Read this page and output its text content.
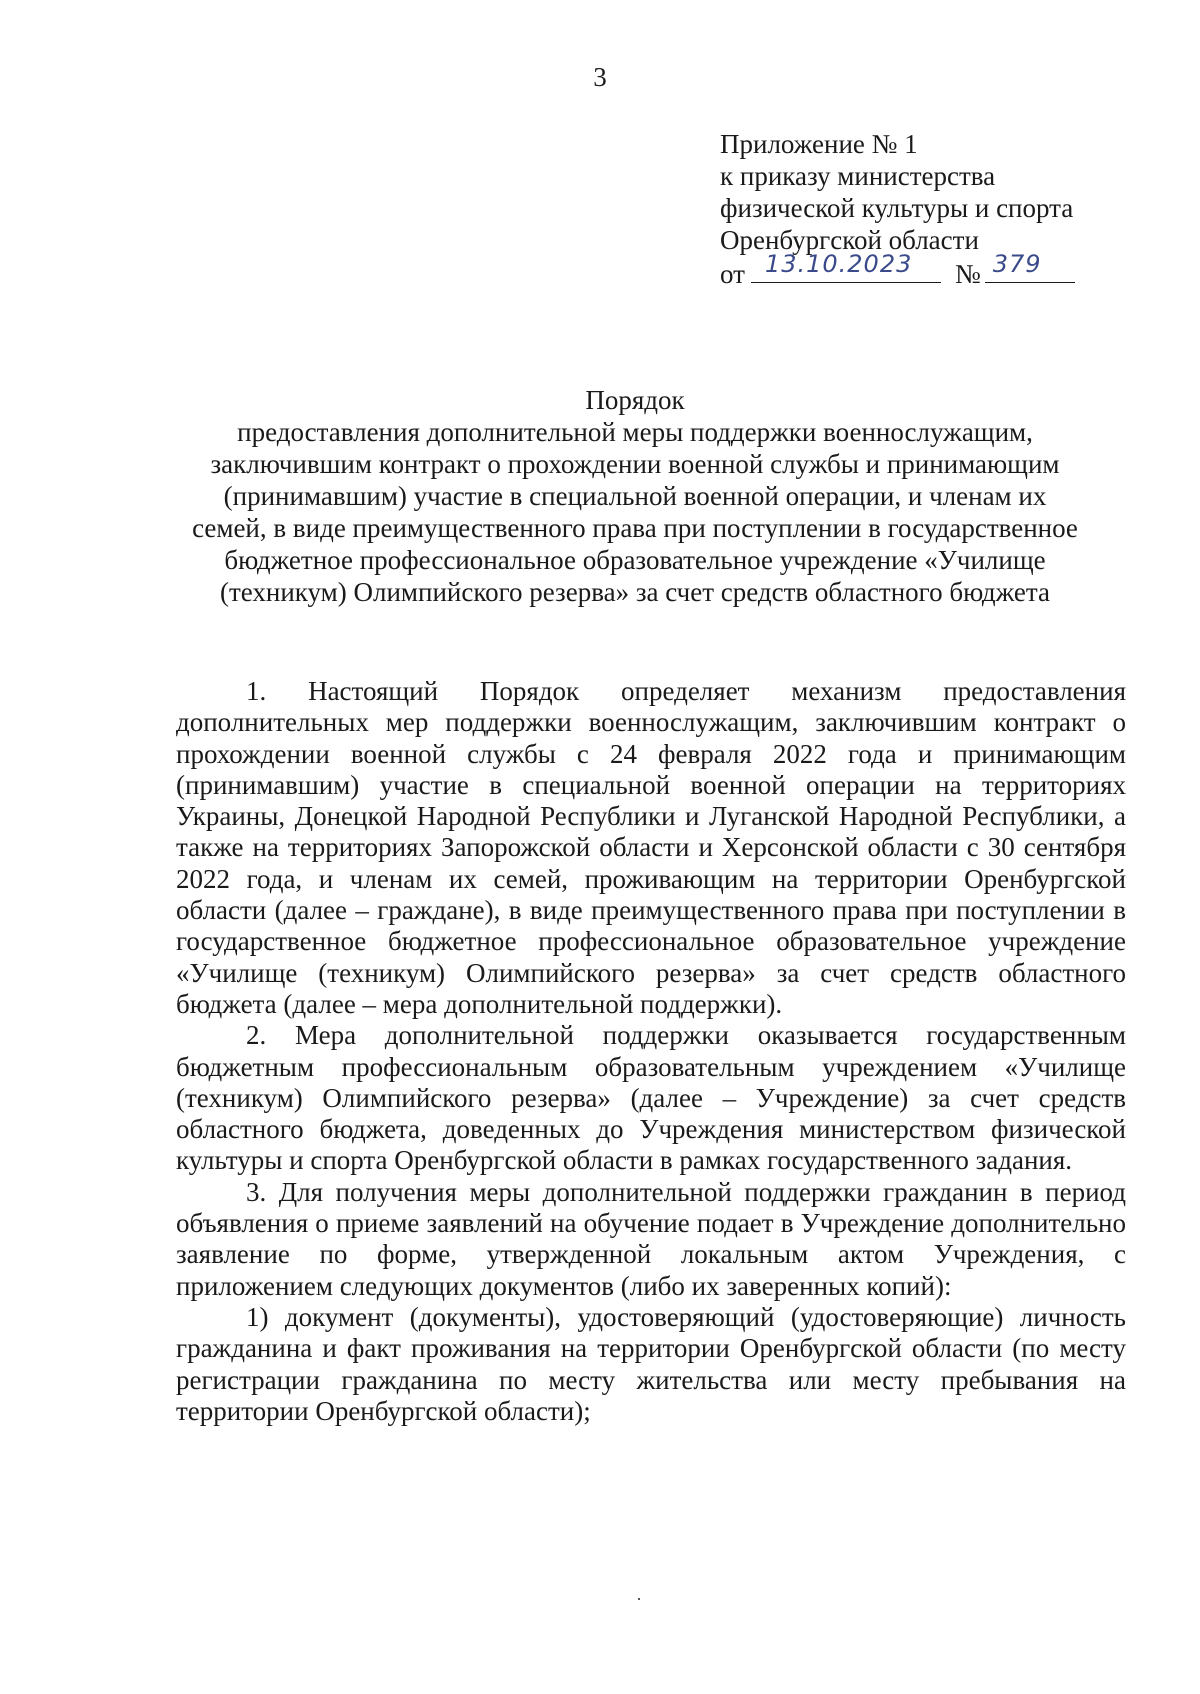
3
Приложение № 1
к приказу министерства
физической культуры и спорта
Оренбургской области
от 13.10.2023 № 379
Порядок
предоставления дополнительной меры поддержки военнослужащим,
заключившим контракт о прохождении военной службы и принимающим
(принимавшим) участие в специальной военной операции, и членам их
семей, в виде преимущественного права при поступлении в государственное
бюджетное профессиональное образовательное учреждение «Училище
(техникум) Олимпийского резерва» за счет средств областного бюджета

1. Настоящий Порядок определяет механизм предоставления дополнительных мер поддержки военнослужащим, заключившим контракт о прохождении военной службы с 24 февраля 2022 года и принимающим (принимавшим) участие в специальной военной операции на территориях Украины, Донецкой Народной Республики и Луганской Народной Республики, а также на территориях Запорожской области и Херсонской области с 30 сентября 2022 года, и членам их семей, проживающим на территории Оренбургской области (далее – граждане), в виде преимущественного права при поступлении в государственное бюджетное профессиональное образовательное учреждение «Училище (техникум) Олимпийского резерва» за счет средств областного бюджета (далее – мера дополнительной поддержки).

2. Мера дополнительной поддержки оказывается государственным бюджетным профессиональным образовательным учреждением «Училище (техникум) Олимпийского резерва» (далее – Учреждение) за счет средств областного бюджета, доведенных до Учреждения министерством физической культуры и спорта Оренбургской области в рамках государственного задания.

3. Для получения меры дополнительной поддержки гражданин в период объявления о приеме заявлений на обучение подает в Учреждение дополнительно заявление по форме, утвержденной локальным актом Учреждения, с приложением следующих документов (либо их заверенных копий):

1) документ (документы), удостоверяющий (удостоверяющие) личность гражданина и факт проживания на территории Оренбургской области (по месту регистрации гражданина по месту жительства или месту пребывания на территории Оренбургской области);
